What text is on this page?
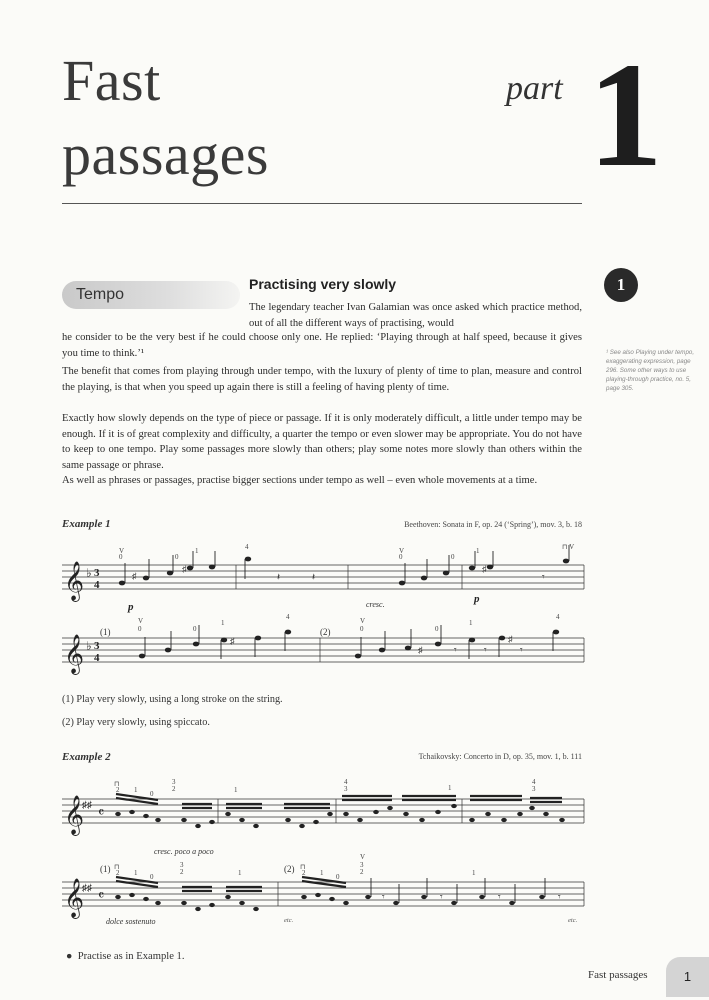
Fast
passages
part 1
Tempo
Practising very slowly	1
The legendary teacher Ivan Galamian was once asked which practice method, out of all the different ways of practising, would
he consider to be the very best if he could choose only one. He replied: ‘Playing through at half speed, because it gives you time to think.’¹
The benefit that comes from playing through under tempo, with the luxury of plenty of time to plan, measure and control the playing, is that when you speed up again there is still a feeling of having plenty of time.
Exactly how slowly depends on the type of piece or passage. If it is only moderately difficult, a little under tempo may be enough. If it is of great complexity and difficulty, a quarter the tempo or even slower may be appropriate. You do not have to keep to one tempo. Play some passages more slowly than others; play some notes more slowly than others within the same passage or phrase.
As well as phrases or passages, practise bigger sections under tempo as well – even whole movements at a time.
¹ See also Playing under tempo, exaggerating expression, page 296. Some other ways to use playing-through practice, no. 5, page 305.
Example 1	Beethoven: Sonata in F, op. 24 (‘Spring’), mov. 3, b. 18
𝄞 ♭ 3
4
V
0	0
1	4	V
0	0
1	⊓ V
♯
♯	♯
𝄽	𝄽	𝄾
𝄞 ♭ 3
4
V
0	0
1
4	V
0	0
1
4
♯	♯
♯	𝄾	𝄾	𝄾
p	cresc.	p
(1)	(2)
(1) Play very slowly, using a long stroke on the string.
(2) Play very slowly, using spiccato.
Example 2	Tchaikovsky: Concerto in D, op. 35, mov. 1, b. 111
𝄞
♯♯
𝄴
⊓
2 1 0
3
2	1
4
3	1
4
3
cresc. poco a poco
𝄞
♯♯
𝄴
⊓
2 1 0
3
2	1
⊓
2 1 0
V
3
2	1
𝄾	𝄾	𝄾	𝄾
(1)	(2)
dolce sostenuto	etc.	etc.
●  Practise as in Example 1.
Fast passages	1
